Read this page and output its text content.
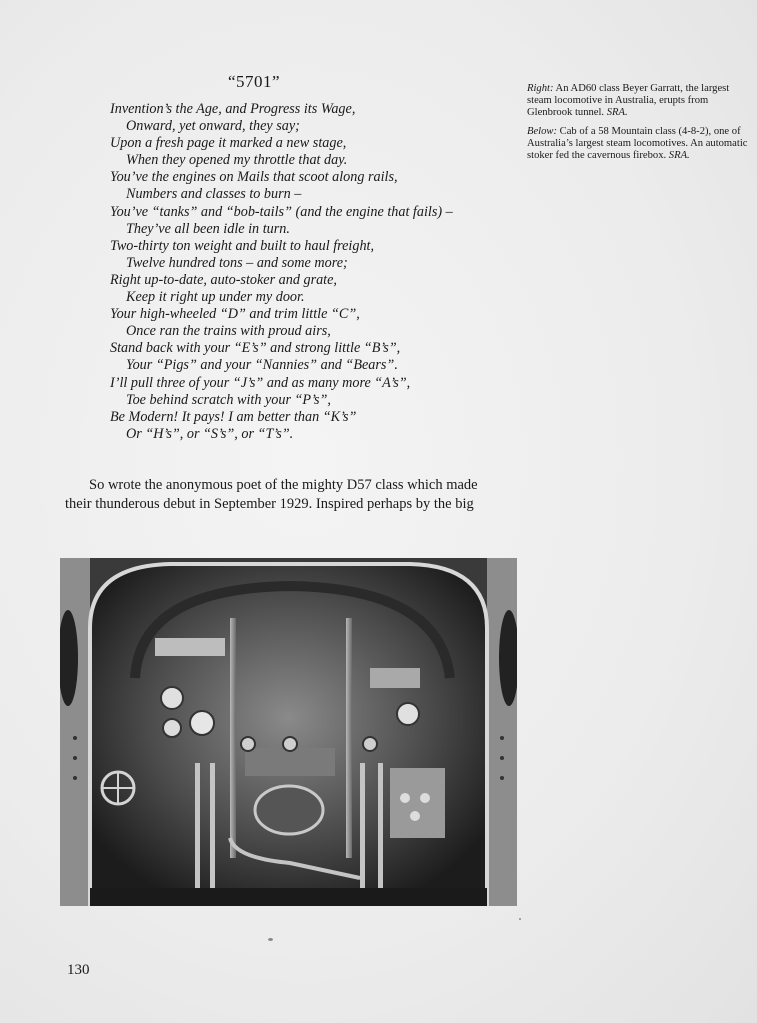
“5701”
Invention’s the Age, and Progress its Wage,
Onward, yet onward, they say;
Upon a fresh page it marked a new stage,
When they opened my throttle that day.
You’ve the engines on Mails that scoot along rails,
Numbers and classes to burn –
You’ve “tanks” and “bob-tails” (and the engine that fails) –
They’ve all been idle in turn.
Two-thirty ton weight and built to haul freight,
Twelve hundred tons – and some more;
Right up-to-date, auto-stoker and grate,
Keep it right up under my door.
Your high-wheeled “D” and trim little “C”,
Once ran the trains with proud airs,
Stand back with your “E’s” and strong little “B’s”,
Your “Pigs” and your “Nannies” and “Bears”.
I’ll pull three of your “J’s” and as many more “A’s”,
Toe behind scratch with your “P’s”,
Be Modern! It pays! I am better than “K’s”
Or “H’s”, or “S’s”, or “T’s”.

Right: An AD60 class Beyer Garratt, the largest steam locomotive in Australia, erupts from Glenbrook tunnel. SRA.

Below: Cab of a 58 Mountain class (4-8-2), one of Australia’s largest steam locomotives. An automatic stoker fed the cavernous firebox. SRA.

So wrote the anonymous poet of the mighty D57 class which made
their thunderous debut in September 1929. Inspired perhaps by the big
130
